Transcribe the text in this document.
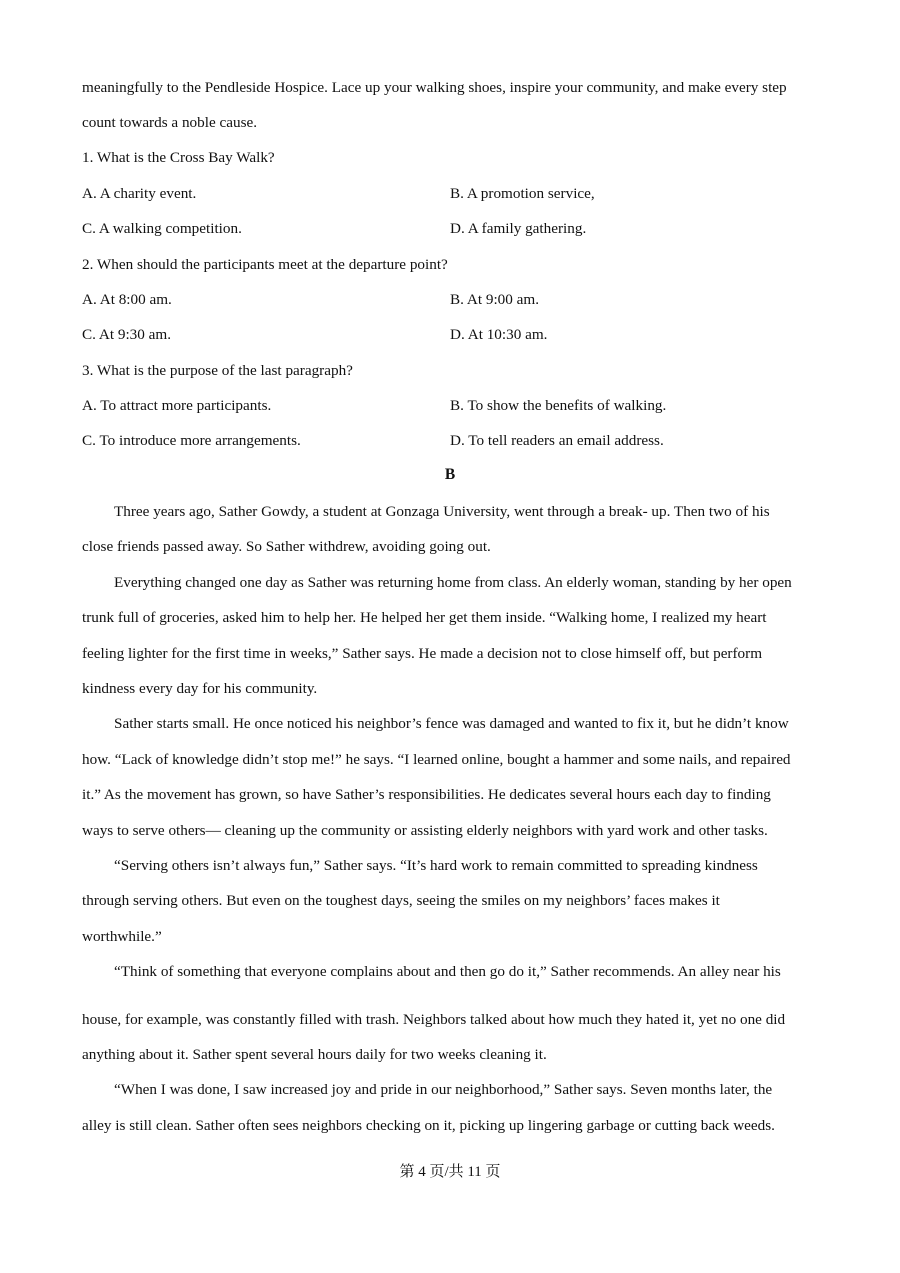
meaningfully to the Pendleside Hospice. Lace up your walking shoes, inspire your community, and make every step
count towards a noble cause.
1. What is the Cross Bay Walk?
A. A charity event.	B. A promotion service,
C. A walking competition.	D. A family gathering.
2. When should the participants meet at the departure point?
A. At 8:00 am.	B. At 9:00 am.
C. At 9:30 am.	D. At 10:30 am.
3. What is the purpose of the last paragraph?
A. To attract more participants.	B. To show the benefits of walking.
C. To introduce more arrangements.	D. To tell readers an email address.
B
Three years ago, Sather Gowdy, a student at Gonzaga University, went through a break- up. Then two of his
close friends passed away. So Sather withdrew, avoiding going out.
Everything changed one day as Sather was returning home from class. An elderly woman, standing by her open
trunk full of groceries, asked him to help her. He helped her get them inside. “Walking home, I realized my heart
feeling lighter for the first time in weeks,” Sather says. He made a decision not to close himself off, but perform
kindness every day for his community.
Sather starts small. He once noticed his neighbor’s fence was damaged and wanted to fix it, but he didn’t know
how. “Lack of knowledge didn’t stop me!” he says. “I learned online, bought a hammer and some nails, and repaired
it.” As the movement has grown, so have Sather’s responsibilities. He dedicates several hours each day to finding
ways to serve others— cleaning up the community or assisting elderly neighbors with yard work and other tasks.
“Serving others isn’t always fun,” Sather says. “It’s hard work to remain committed to spreading kindness
through serving others. But even on the toughest days, seeing the smiles on my neighbors’ faces makes it
worthwhile.”
“Think of something that everyone complains about and then go do it,” Sather recommends. An alley near his
house, for example, was constantly filled with trash. Neighbors talked about how much they hated it, yet no one did
anything about it. Sather spent several hours daily for two weeks cleaning it.
“When I was done, I saw increased joy and pride in our neighborhood,” Sather says. Seven months later, the
alley is still clean. Sather often sees neighbors checking on it, picking up lingering garbage or cutting back weeds.
第 4 页/共 11 页
